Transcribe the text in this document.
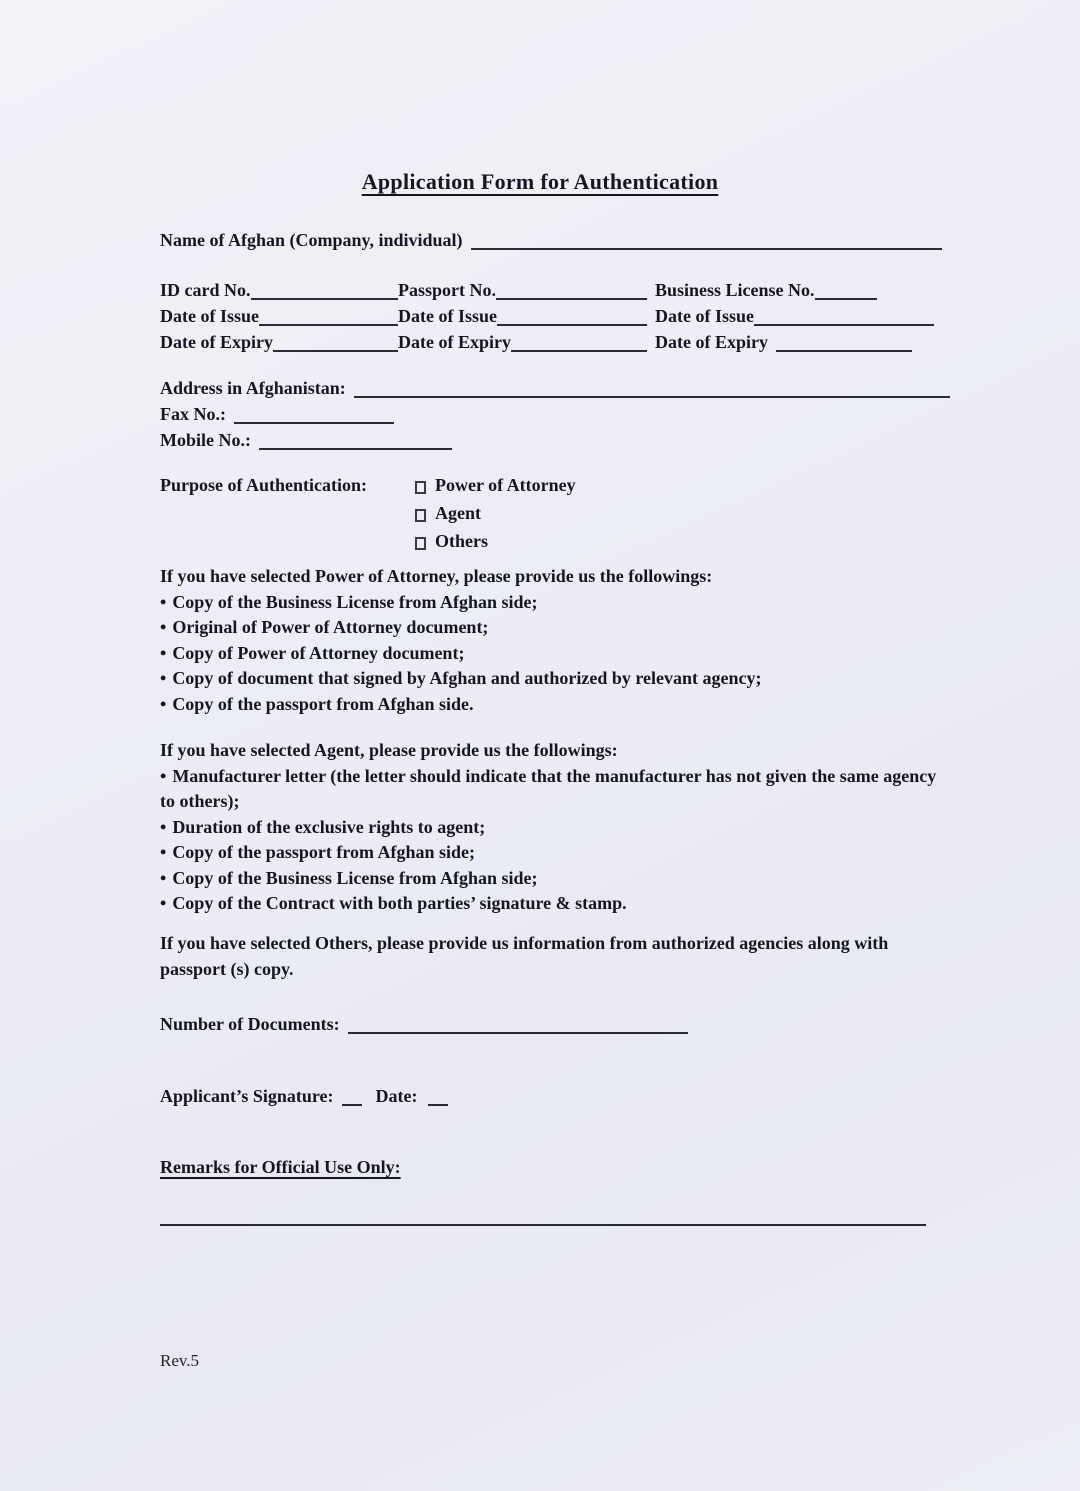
Application Form for Authentication
Name of Afghan (Company, individual)
ID card No.	Passport No.	Business License No.
Date of Issue	Date of Issue	Date of Issue
Date of Expiry	Date of Expiry	Date of Expiry
Address in Afghanistan:
Fax No.:
Mobile No.:
Purpose of Authentication:	Power of Attorney
Agent
Others
If you have selected Power of Attorney, please provide us the followings:
• Copy of the Business License from Afghan side;
• Original of Power of Attorney document;
• Copy of Power of Attorney document;
• Copy of document that signed by Afghan and authorized by relevant agency;
• Copy of the passport from Afghan side.
If you have selected Agent, please provide us the followings:
• Manufacturer letter (the letter should indicate that the manufacturer has not given the same agency to others);
• Duration of the exclusive rights to agent;
• Copy of the passport from Afghan side;
• Copy of the Business License from Afghan side;
• Copy of the Contract with both parties’ signature & stamp.
If you have selected Others, please provide us information from authorized agencies along with passport (s) copy.
Number of Documents:
Applicant’s Signature: Date:
Remarks for Official Use Only:
Rev.5
